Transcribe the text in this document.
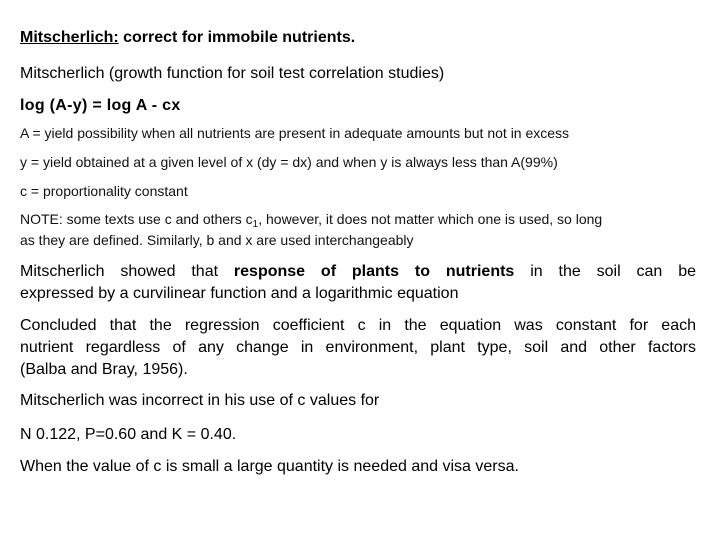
Mitscherlich: correct for immobile nutrients.
Mitscherlich (growth function for soil test correlation studies)
log (A-y) = log A - cx
A = yield possibility when all nutrients are present in adequate amounts but not in excess
y = yield obtained at a given level of x (dy = dx) and when y is always less than A(99%)
c = proportionality constant
NOTE: some texts use c and others $c_1$, however, it does not matter which one is used, so long
as they are defined. Similarly, b and x are used interchangeably
Mitscherlich showed that response of plants to nutrients in the soil can be
expressed by a curvilinear function and a logarithmic equation
Concluded that the regression coefficient c in the equation was constant for each
nutrient regardless of any change in environment, plant type, soil and other factors
(Balba and Bray, 1956).
Mitscherlich was incorrect in his use of c values for
N 0.122, P=0.60 and K = 0.40.
When the value of c is small a large quantity is needed and visa versa.
